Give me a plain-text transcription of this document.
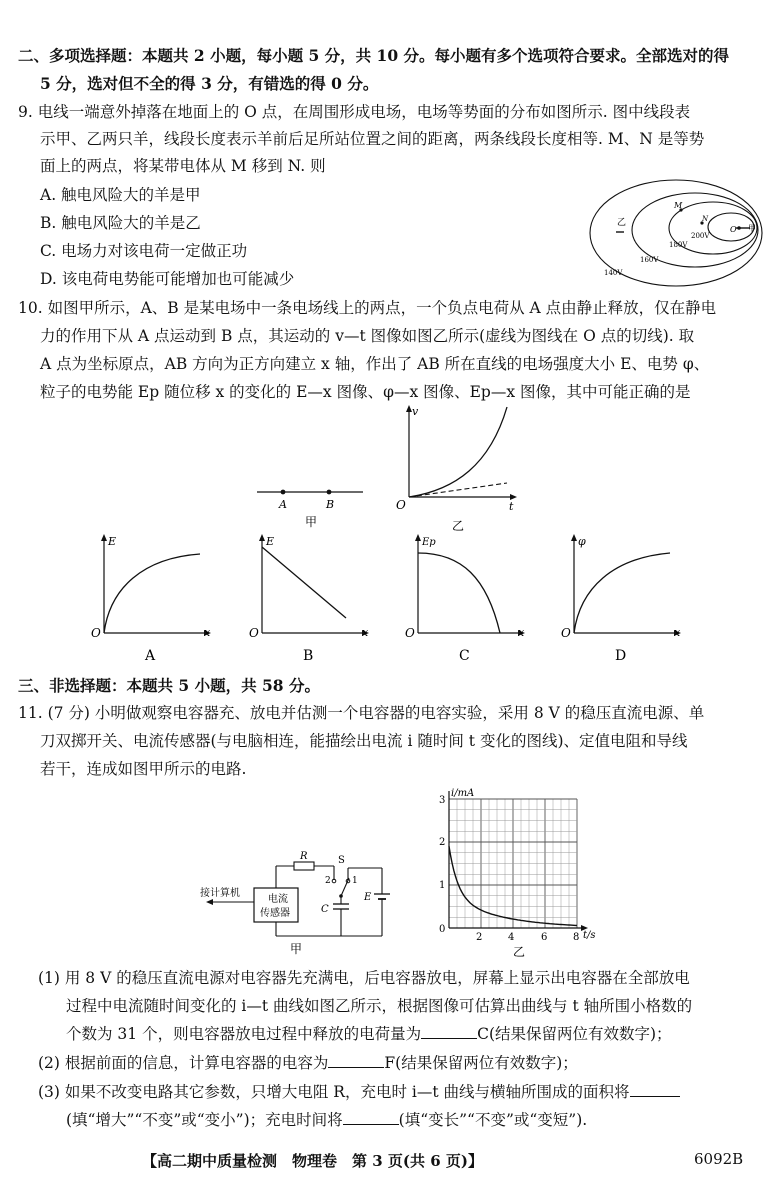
二、多项选择题：本题共 2 小题，每小题 5 分，共 10 分。每小题有多个选项符合要求。全部选对的得
5 分，选对但不全的得 3 分，有错选的得 0 分。
9. 电线一端意外掉落在地面上的 O 点，在周围形成电场，电场等势面的分布如图所示. 图中线段表
示甲、乙两只羊，线段长度表示羊前后足所站位置之间的距离，两条线段长度相等. M、N 是等势
面上的两点，将某带电体从 M 移到 N. 则
A. 触电风险大的羊是甲
B. 触电风险大的羊是乙
C. 电场力对该电荷一定做正功
D. 该电荷电势能可能增加也可能减少
乙
M
N
O 甲
200V
180V
160V
140V
10. 如图甲所示，A、B 是某电场中一条电场线上的两点，一个负点电荷从 A 点由静止释放，仅在静电
力的作用下从 A 点运动到 B 点，其运动的 v—t 图像如图乙所示(虚线为图线在 O 点的切线). 取
A 点为坐标原点，AB 方向为正方向建立 x 轴，作出了 AB 所在直线的电场强度大小 E、电势 φ、
粒子的电势能 Ep 随位移 x 的变化的 E—x 图像、φ—x 图像、Ep—x 图像，其中可能正确的是
A	B
甲
v
O	t
乙
E
O	x
A
E
O	x
B
Ep
O	x
C
φ
O	x
D
三、非选择题：本题共 5 小题，共 58 分。
11. (7 分) 小明做观察电容器充、放电并估测一个电容器的电容实验，采用 8 V 的稳压直流电源、单
刀双掷开关、电流传感器(与电脑相连，能描绘出电流 i 随时间 t 变化的图线)、定值电阻和导线
若干，连成如图甲所示的电路.
电流
传感器
接计算机
R	S
2 1
C
E
甲
i/mA
t/s
0
1
2
3
2	4	6	8
乙
(1) 用 8 V 的稳压直流电源对电容器先充满电，后电容器放电，屏幕上显示出电容器在全部放电
过程中电流随时间变化的 i—t 曲线如图乙所示，根据图像可估算出曲线与 t 轴所围小格数的
个数为 31 个，则电容器放电过程中释放的电荷量为	C(结果保留两位有效数字)；
(2) 根据前面的信息，计算电容器的电容为	F(结果保留两位有效数字)；
(3) 如果不改变电路其它参数，只增大电阻 R，充电时 i—t 曲线与横轴所围成的面积将
(填“增大”“不变”或“变小”)；充电时间将	(填“变长”“不变”或“变短”).
【高二期中质量检测　物理卷　第 3 页(共 6 页)】	6092B
